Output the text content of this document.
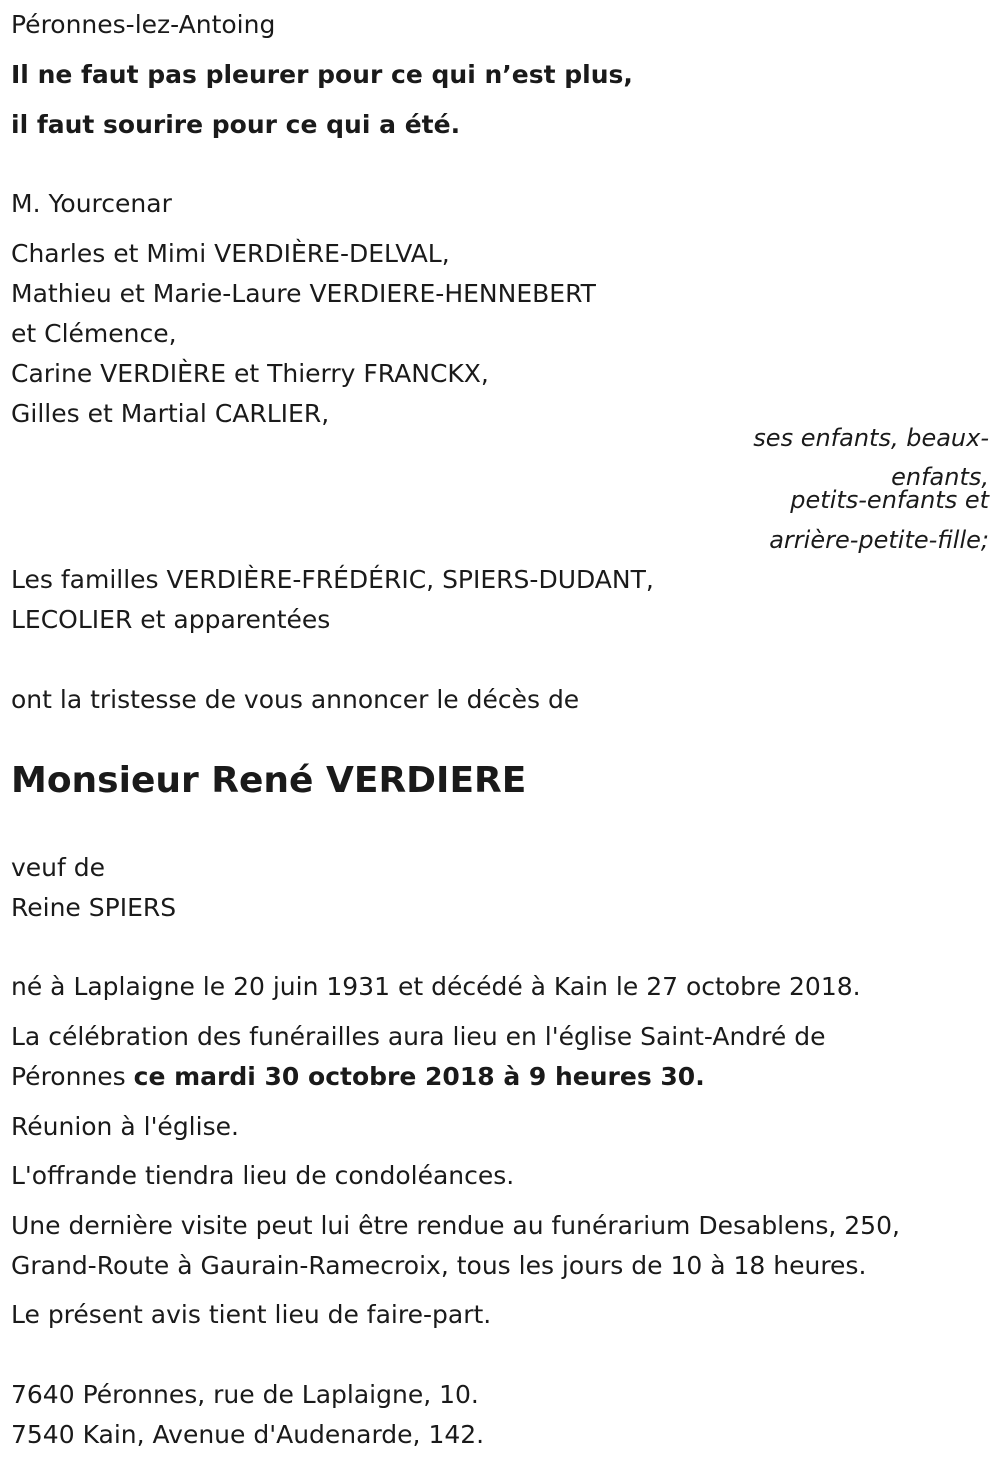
Péronnes-lez-Antoing
Il ne faut pas pleurer pour ce qui n’est plus,
il faut sourire pour ce qui a été.
M. Yourcenar
Charles et Mimi VERDIÈRE-DELVAL,
Mathieu et Marie-Laure VERDIERE-HENNEBERT
et Clémence,
Carine VERDIÈRE et Thierry FRANCKX,
Gilles et Martial CARLIER,
ses enfants, beaux-
enfants,
petits-enfants et
arrière-petite-fille;
Les familles VERDIÈRE-FRÉDÉRIC, SPIERS-DUDANT,
LECOLIER et apparentées
ont la tristesse de vous annoncer le décès de
Monsieur René VERDIERE
veuf de
Reine SPIERS
né à Laplaigne le 20 juin 1931 et décédé à Kain le 27 octobre 2018.
La célébration des funérailles aura lieu en l'église Saint-André de
Péronnes ce mardi 30 octobre 2018 à 9 heures 30.
Réunion à l'église.
L'offrande tiendra lieu de condoléances.
Une dernière visite peut lui être rendue au funérarium Desablens, 250,
Grand-Route à Gaurain-Ramecroix, tous les jours de 10 à 18 heures.
Le présent avis tient lieu de faire-part.
7640 Péronnes, rue de Laplaigne, 10.
7540 Kain, Avenue d'Audenarde, 142.
